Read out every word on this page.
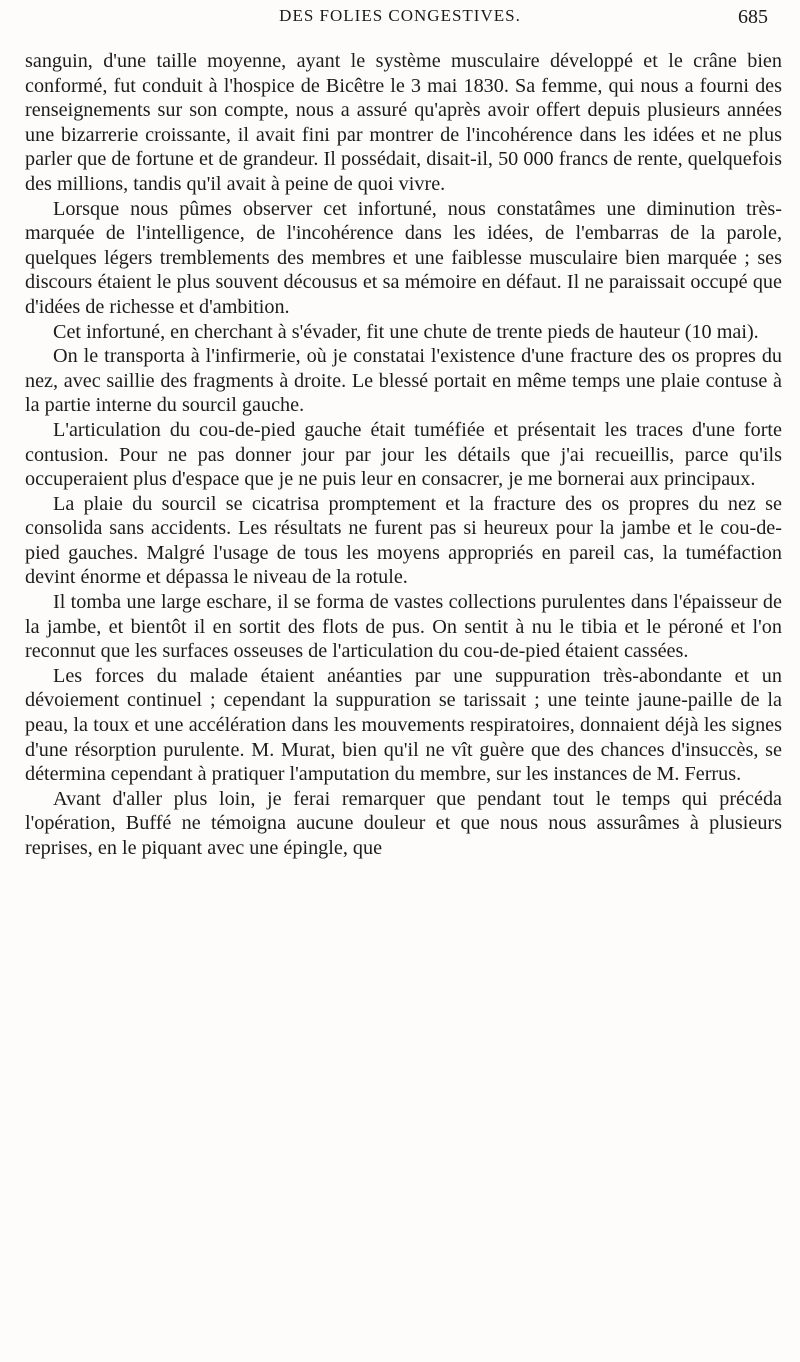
DES FOLIES CONGESTIVES.	685

sanguin, d'une taille moyenne, ayant le système musculaire développé et le crâne bien conformé, fut conduit à l'hospice de Bicêtre le 3 mai 1830. Sa femme, qui nous a fourni des renseignements sur son compte, nous a assuré qu'après avoir offert depuis plusieurs années une bizarrerie croissante, il avait fini par montrer de l'incohérence dans les idées et ne plus parler que de fortune et de grandeur. Il possédait, disait-il, 50 000 francs de rente, quelquefois des millions, tandis qu'il avait à peine de quoi vivre.

Lorsque nous pûmes observer cet infortuné, nous constatâmes une diminution très-marquée de l'intelligence, de l'incohérence dans les idées, de l'embarras de la parole, quelques légers tremblements des membres et une faiblesse musculaire bien marquée ; ses discours étaient le plus souvent décousus et sa mémoire en défaut. Il ne paraissait occupé que d'idées de richesse et d'ambition.

Cet infortuné, en cherchant à s'évader, fit une chute de trente pieds de hauteur (10 mai).

On le transporta à l'infirmerie, où je constatai l'existence d'une fracture des os propres du nez, avec saillie des fragments à droite. Le blessé portait en même temps une plaie contuse à la partie interne du sourcil gauche.

L'articulation du cou-de-pied gauche était tuméfiée et présentait les traces d'une forte contusion. Pour ne pas donner jour par jour les détails que j'ai recueillis, parce qu'ils occuperaient plus d'espace que je ne puis leur en consacrer, je me bornerai aux principaux.

La plaie du sourcil se cicatrisa promptement et la fracture des os propres du nez se consolida sans accidents. Les résultats ne furent pas si heureux pour la jambe et le cou-de-pied gauches. Malgré l'usage de tous les moyens appropriés en pareil cas, la tuméfaction devint énorme et dépassa le niveau de la rotule.

Il tomba une large eschare, il se forma de vastes collections purulentes dans l'épaisseur de la jambe, et bientôt il en sortit des flots de pus. On sentit à nu le tibia et le péroné et l'on reconnut que les surfaces osseuses de l'articulation du cou-de-pied étaient cassées.

Les forces du malade étaient anéanties par une suppuration très-abondante et un dévoiement continuel ; cependant la suppuration se tarissait ; une teinte jaune-paille de la peau, la toux et une accélération dans les mouvements respiratoires, donnaient déjà les signes d'une résorption purulente. M. Murat, bien qu'il ne vît guère que des chances d'insuccès, se détermina cependant à pratiquer l'amputation du membre, sur les instances de M. Ferrus.

Avant d'aller plus loin, je ferai remarquer que pendant tout le temps qui précéda l'opération, Buffé ne témoigna aucune douleur et que nous nous assurâmes à plusieurs reprises, en le piquant avec une épingle, que
